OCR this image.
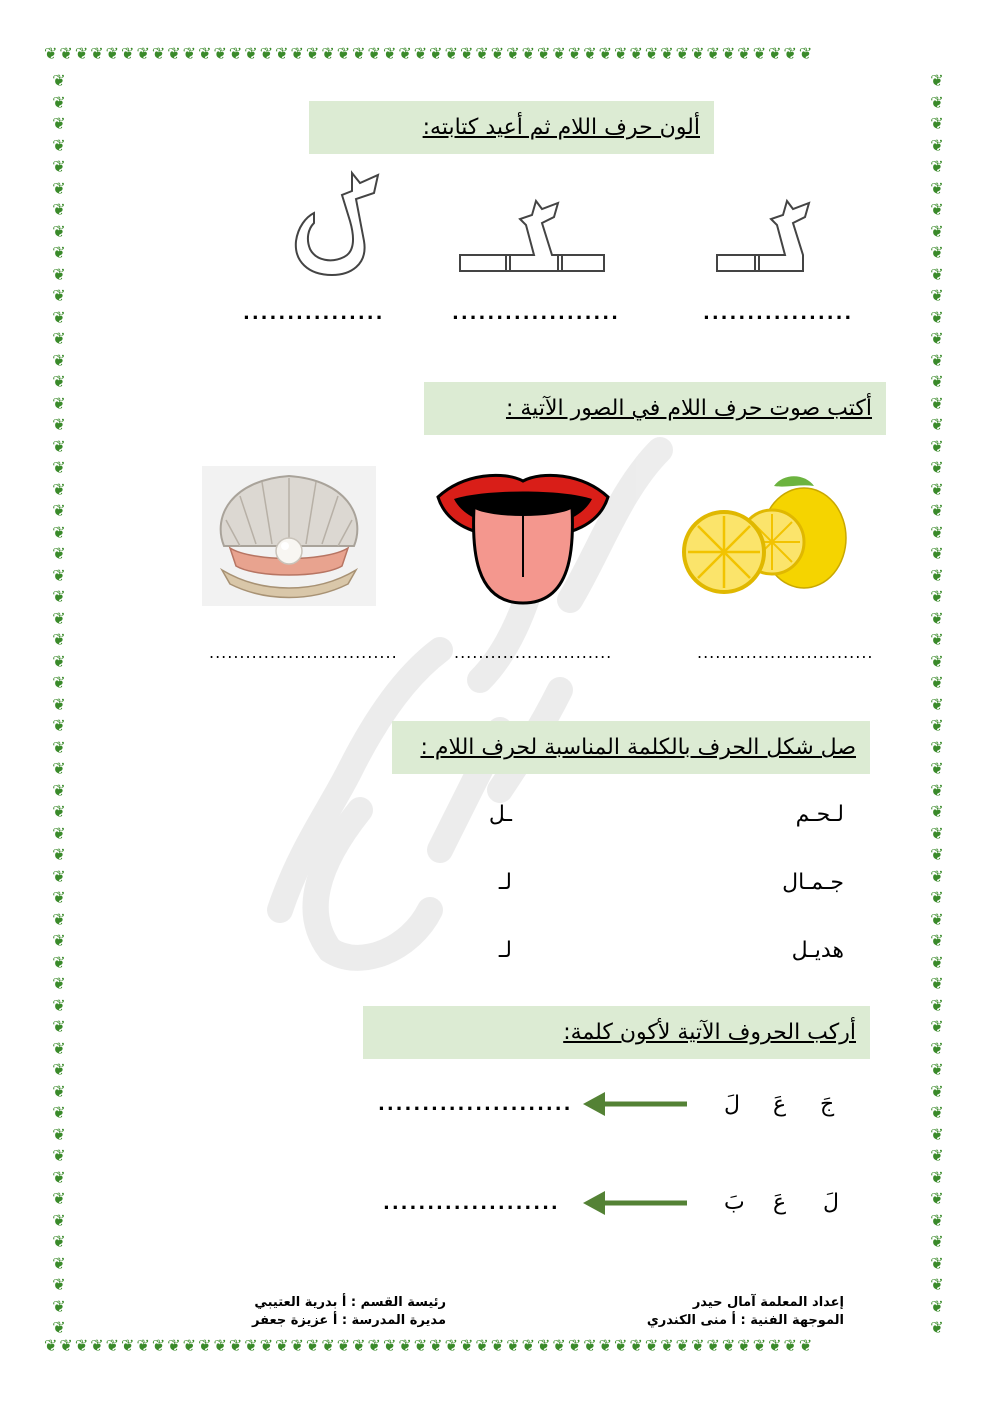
❦❦❦❦❦❦❦❦❦❦❦❦❦❦❦❦❦❦❦❦❦❦❦❦❦❦❦❦❦❦❦❦❦❦❦❦❦❦❦❦❦❦❦❦❦❦❦❦❦❦
❦❦❦❦❦❦❦❦❦❦❦❦❦❦❦❦❦❦❦❦❦❦❦❦❦❦❦❦❦❦❦❦❦❦❦❦❦❦❦❦❦❦❦❦❦❦❦❦❦❦
❦
❦
❦
❦
❦
❦
❦
❦
❦
❦
❦
❦
❦
❦
❦
❦
❦
❦
❦
❦
❦
❦
❦
❦
❦
❦
❦
❦
❦
❦
❦
❦
❦
❦
❦
❦
❦
❦
❦
❦
❦
❦
❦
❦
❦
❦
❦
❦
❦
❦
❦
❦
❦
❦
❦
❦
❦
❦
❦
❦
❦
❦
❦
❦
❦
❦
❦
❦
❦
❦
❦
❦
❦
❦
❦
❦
❦
❦
❦
❦
❦
❦
❦
❦
❦
❦
❦
❦
❦
❦
❦
❦
❦
❦
❦
❦
❦
❦
❦
❦
❦
❦
❦
❦
❦
❦
❦
❦
❦
❦
❦
❦
❦
❦
❦
❦
❦
❦
ألون حرف اللام ثم أعيد كتابته:
................	...................	.................
أكتب صوت حرف اللام في الصور الآتية :
.............................
..........................
...............................
صل شكل الحرف بالكلمة المناسبة لحرف اللام :
لـحـم
جـمـال
هديـل
ـل
لـ
لـ
أركب الحروف الآتية لأكون كلمة:
جَ
عَ
لَ
......................
لَ
عَ
بَ
....................
إعداد المعلمة آمال حيدر
الموجهة الفنية : أ منى الكندري
رئيسة القسم : أ بدرية العتيبي
مديرة المدرسة : أ عزيزة جعفر
